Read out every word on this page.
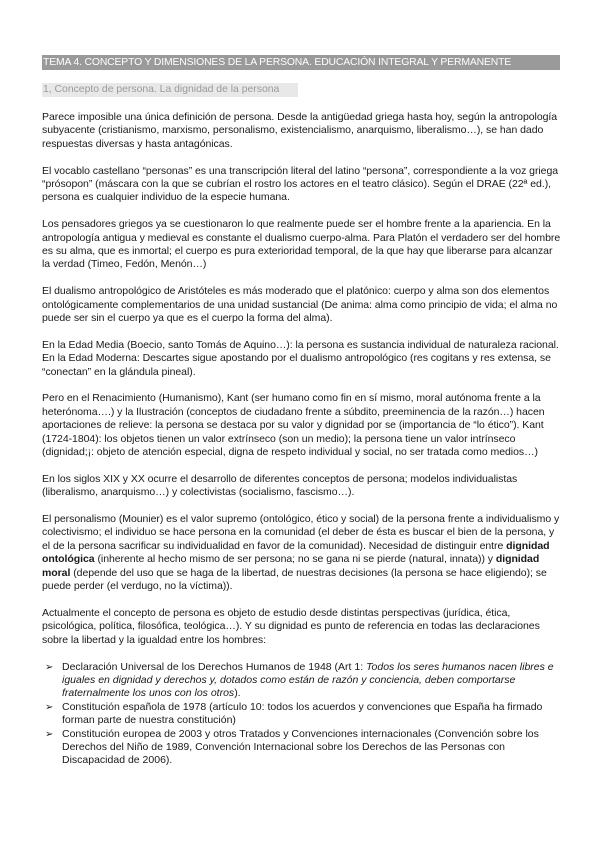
TEMA 4. CONCEPTO Y DIMENSIONES DE LA PERSONA. EDUCACIÓN INTEGRAL Y PERMANENTE
1, Concepto de persona. La dignidad de la persona

Parece imposible una única definición de persona. Desde la antigüedad griega hasta hoy, según la antropología subyacente (cristianismo, marxismo, personalismo, existencialismo, anarquismo, liberalismo…), se han dado respuestas diversas y hasta antagónicas.

El vocablo castellano “personas” es una transcripción literal del latino “persona”, correspondiente a la voz griega “prósopon” (máscara con la que se cubrían el rostro los actores en el teatro clásico). Según el DRAE (22ª ed.), persona es cualquier individuo de la especie humana.

Los pensadores griegos ya se cuestionaron lo que realmente puede ser el hombre frente a la apariencia. En la antropología antigua y medieval es constante el dualismo cuerpo-alma. Para Platón el verdadero ser del hombre es su alma, que es inmortal; el cuerpo es pura exterioridad temporal, de la que hay que liberarse para alcanzar la verdad (Timeo, Fedón, Menón…)

El dualismo antropológico de Aristóteles es más moderado que el platónico: cuerpo y alma son dos elementos ontológicamente complementarios de una unidad sustancial (De anima: alma como principio de vida; el alma no puede ser sin el cuerpo ya que es el cuerpo la forma del alma).

En la Edad Media (Boecio, santo Tomás de Aquino…): la persona es sustancia individual de naturaleza racional. En la Edad Moderna: Descartes sigue apostando por el dualismo antropológico (res cogitans y res extensa, se “conectan” en la glándula pineal).

Pero en el Renacimiento (Humanismo), Kant (ser humano como fin en sí mismo, moral autónoma frente a la heterónoma….) y la Ilustración (conceptos de ciudadano frente a súbdito, preeminencia de la razón…) hacen aportaciones de relieve: la persona se destaca por su valor y dignidad por se (importancia de “lo ético”). Kant (1724-1804): los objetos tienen un valor extrínseco (son un medio); la persona tiene un valor intrínseco (dignidad;¡: objeto de atención especial, digna de respeto individual y social, no ser tratada como medios…)

En los siglos XIX y XX ocurre el desarrollo de diferentes conceptos de persona; modelos individualistas (liberalismo, anarquismo…) y colectivistas (socialismo, fascismo…).

El personalismo (Mounier) es el valor supremo (ontológico, ético y social) de la persona frente a individualismo y colectivismo; el individuo se hace persona en la comunidad (el deber de ésta es buscar el bien de la persona, y el de la persona sacrificar su individualidad en favor de la comunidad). Necesidad de distinguir entre dignidad ontológica (inherente al hecho mismo de ser persona; no se gana ni se pierde (natural, innata)) y dignidad moral (depende del uso que se haga de la libertad, de nuestras decisiones (la persona se hace eligiendo); se puede perder (el verdugo, no la víctima)).

Actualmente el concepto de persona es objeto de estudio desde distintas perspectivas (jurídica, ética, psicológica, política, filosófica, teológica…). Y su dignidad es punto de referencia en todas las declaraciones sobre la libertad y la igualdad entre los hombres:

➢ Declaración Universal de los Derechos Humanos de 1948 (Art 1: Todos los seres humanos nacen libres e iguales en dignidad y derechos y, dotados como están de razón y conciencia, deben comportarse fraternalmente los unos con los otros).
➢ Constitución española de 1978 (artículo 10: todos los acuerdos y convenciones que España ha firmado forman parte de nuestra constitución)
➢ Constitución europea de 2003 y otros Tratados y Convenciones internacionales (Convención sobre los Derechos del Niño de 1989, Convención Internacional sobre los Derechos de las Personas con Discapacidad de 2006).
